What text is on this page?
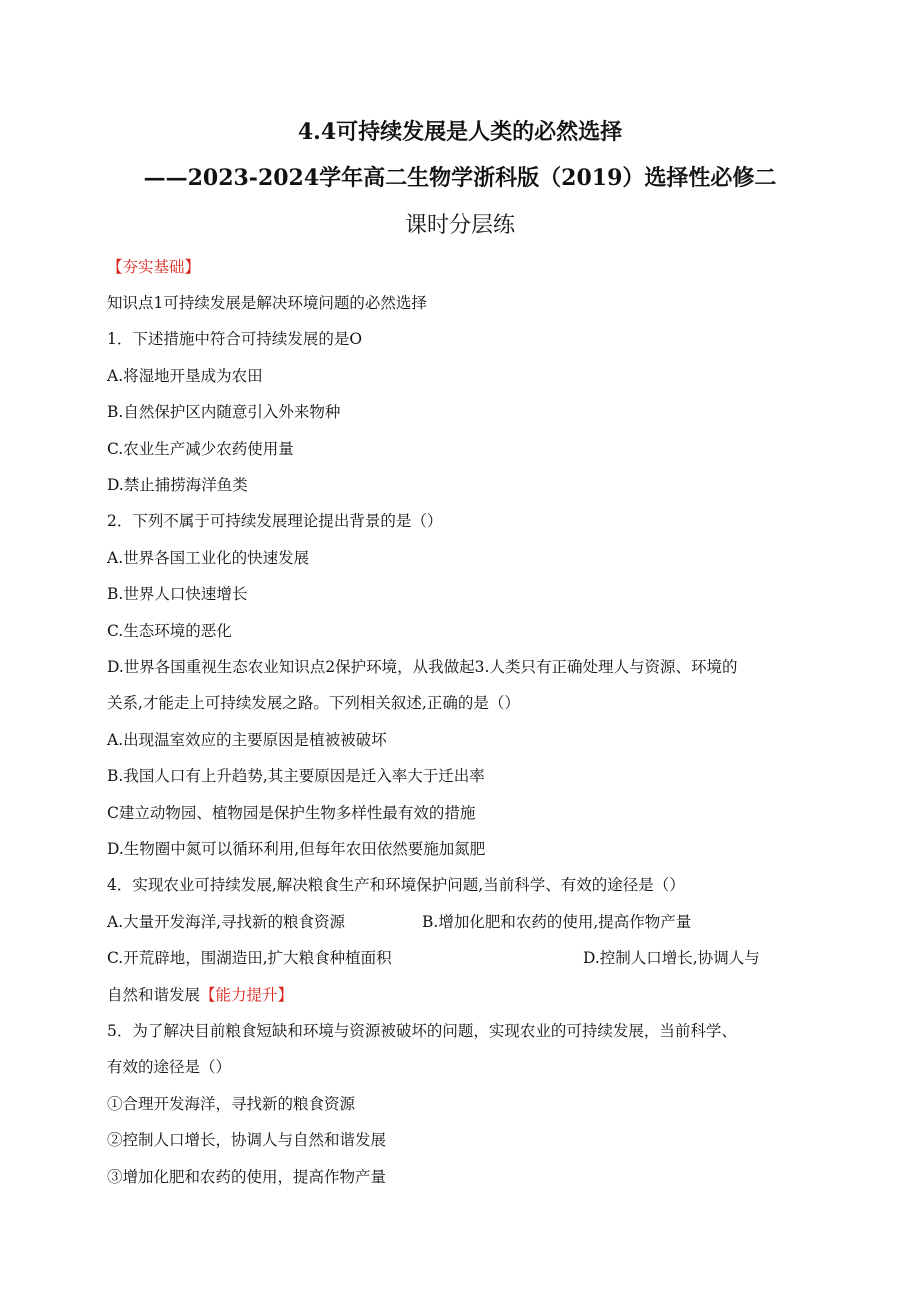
4.4可持续发展是人类的必然选择
——2023-2024学年高二生物学浙科版（2019）选择性必修二
课时分层练
【夯实基础】
知识点1可持续发展是解决环境问题的必然选择
1．下述措施中符合可持续发展的是O
A.将湿地开垦成为农田
B.自然保护区内随意引入外来物种
C.农业生产减少农药使用量
D.禁止捕捞海洋鱼类
2．下列不属于可持续发展理论提出背景的是（）
A.世界各国工业化的快速发展
B.世界人口快速增长
C.生态环境的恶化
D.世界各国重视生态农业知识点2保护环境，从我做起3.人类只有正确处理人与资源、环境的
关系,才能走上可持续发展之路。下列相关叙述,正确的是（）
A.出现温室效应的主要原因是植被被破坏
B.我国人口有上升趋势,其主要原因是迁入率大于迁出率
C建立动物园、植物园是保护生物多样性最有效的措施
D.生物圈中氮可以循环利用,但每年农田依然要施加氮肥
4．实现农业可持续发展,解决粮食生产和环境保护问题,当前科学、有效的途径是（）
A.大量开发海洋,寻找新的粮食资源	B.增加化肥和农药的使用,提高作物产量
C.开荒辟地，围湖造田,扩大粮食种植面积	D.控制人口增长,协调人与
自然和谐发展【能力提升】
5．为了解决目前粮食短缺和环境与资源被破坏的问题，实现农业的可持续发展，当前科学、
有效的途径是（）
①合理开发海洋，寻找新的粮食资源
②控制人口增长，协调人与自然和谐发展
③增加化肥和农药的使用，提高作物产量
